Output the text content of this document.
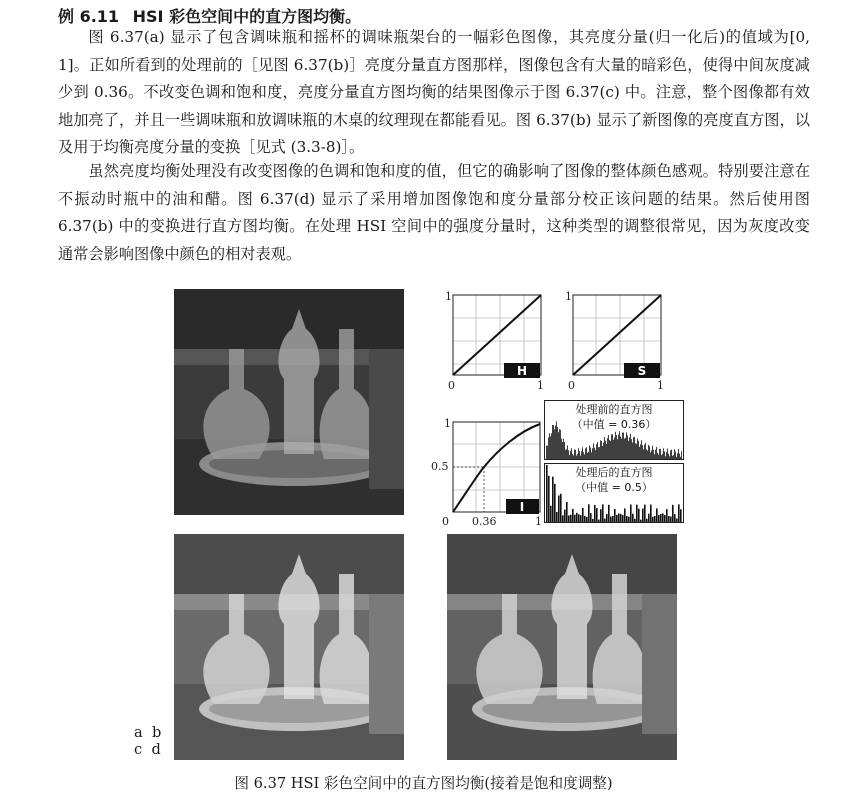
例 6.11 HSI 彩色空间中的直方图均衡。

图 6.37(a) 显示了包含调味瓶和摇杯的调味瓶架台的一幅彩色图像，其亮度分量(归一化后)的值域为[0, 1]。正如所看到的处理前的［见图 6.37(b)］亮度分量直方图那样，图像包含有大量的暗彩色，使得中间灰度减少到 0.36。不改变色调和饱和度，亮度分量直方图均衡的结果图像示于图 6.37(c) 中。注意，整个图像都有效地加亮了，并且一些调味瓶和放调味瓶的木桌的纹理现在都能看见。图 6.37(b) 显示了新图像的亮度直方图，以及用于均衡亮度分量的变换［见式 (3.3-8)］。

虽然亮度均衡处理没有改变图像的色调和饱和度的值，但它的确影响了图像的整体颜色感观。特别要注意在不振动时瓶中的油和醋。图 6.37(d) 显示了采用增加图像饱和度分量部分校正该问题的结果。然后使用图 6.37(b) 中的变换进行直方图均衡。在处理 HSI 空间中的强度分量时，这种类型的调整很常见，因为灰度改变通常会影响图像中颜色的相对表观。

H
1
0	1
S
1
0	1
I
1
0.5
0 0.36	1
处理前的直方图
（中值 = 0.36）
处理后的直方图
（中值 = 0.5）
a  b
c  d
图 6.37 HSI 彩色空间中的直方图均衡(接着是饱和度调整)
